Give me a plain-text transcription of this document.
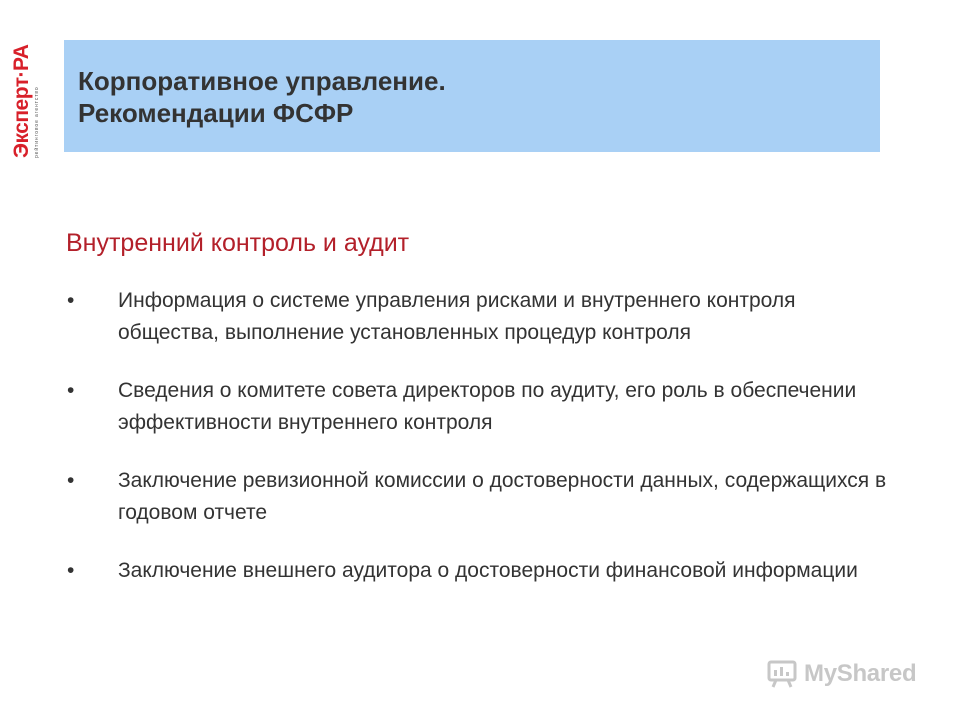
Эксперт·РА рейтинговое агентство
Корпоративное управление.
Рекомендации ФСФР
Внутренний контроль и аудит
•	Информация о системе управления рисками и внутреннего контроля общества, выполнение установленных процедур контроля
•	Сведения о комитете совета директоров по аудиту, его роль в обеспечении эффективности внутреннего контроля
•	Заключение ревизионной комиссии о достоверности данных, содержащихся в годовом отчете
•	Заключение внешнего аудитора о достоверности финансовой информации
MyShared
